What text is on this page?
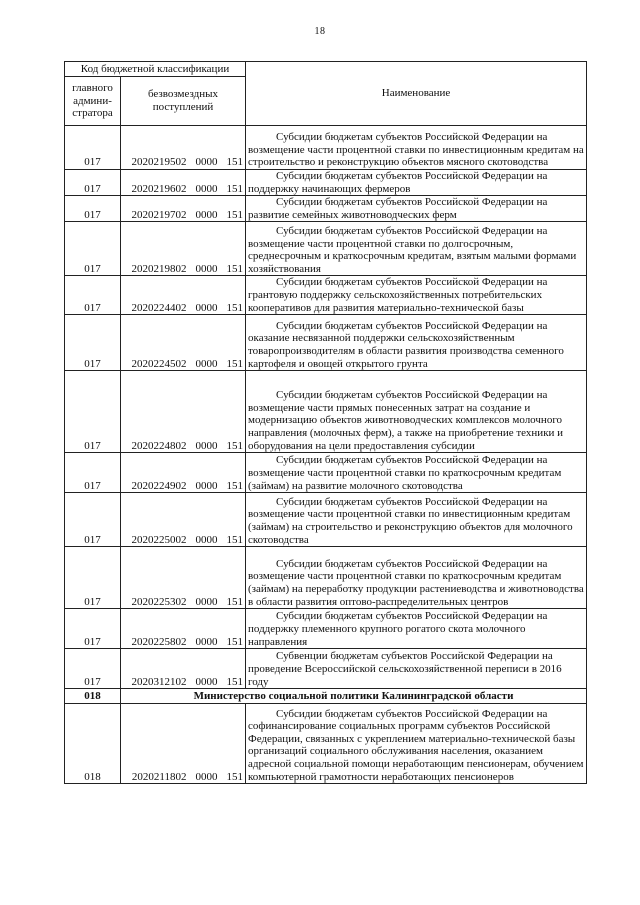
18
Код бюджетной классификации		Наименование
главного админи-стратора	безвозмездных поступлений	
017	2020219502 0000 151	Субсидии бюджетам субъектов Российской Федерации на возмещение части процентной ставки по инвестиционным кредитам на строительство и реконструкцию объектов мясного скотоводства
017	2020219602 0000 151	Субсидии бюджетам субъектов Российской Федерации на поддержку начинающих фермеров
017	2020219702 0000 151	Субсидии бюджетам субъектов Российской Федерации на развитие семейных животноводческих ферм
017	2020219802 0000 151	Субсидии бюджетам субъектов Российской Федерации на возмещение части процентной ставки по долгосрочным, среднесрочным и краткосрочным кредитам, взятым малыми формами хозяйствования
017	2020224402 0000 151	Субсидии бюджетам субъектов Российской Федерации на грантовую поддержку сельскохозяйственных потребительских кооперативов для развития материально-технической базы
017	2020224502 0000 151	Субсидии бюджетам субъектов Российской Федерации на оказание несвязанной поддержки сельскохозяйственным товаропроизводителям в области развития производства семенного картофеля и овощей открытого грунта
017	2020224802 0000 151	Субсидии бюджетам субъектов Российской Федерации на возмещение части прямых понесенных затрат на создание и модернизацию объектов животноводческих комплексов молочного направления (молочных ферм), а также на приобретение техники и оборудования на цели предоставления субсидии
017	2020224902 0000 151	Субсидии бюджетам субъектов Российской Федерации на возмещение части процентной ставки по краткосрочным кредитам (займам) на развитие молочного скотоводства
017	2020225002 0000 151	Субсидии бюджетам субъектов Российской Федерации на возмещение части процентной ставки по инвестиционным кредитам (займам) на строительство и реконструкцию объектов для молочного скотоводства
017	2020225302 0000 151	Субсидии бюджетам субъектов Российской Федерации на возмещение части процентной ставки по краткосрочным кредитам (займам) на переработку продукции растениеводства и животноводства в области развития оптово-распределительных центров
017	2020225802 0000 151	Субсидии бюджетам субъектов Российской Федерации на поддержку племенного крупного рогатого скота молочного направления
017	2020312102 0000 151	Субвенции бюджетам субъектов Российской Федерации на проведение Всероссийской сельскохозяйственной переписи в 2016 году
018	Министерство социальной политики Калининградской области	
018	2020211802 0000 151	Субсидии бюджетам субъектов Российской Федерации на софинансирование социальных программ субъектов Российской Федерации, связанных с укреплением материально-технической базы организаций социального обслуживания населения, оказанием адресной социальной помощи неработающим пенсионерам, обучением компьютерной грамотности неработающих пенсионеров
